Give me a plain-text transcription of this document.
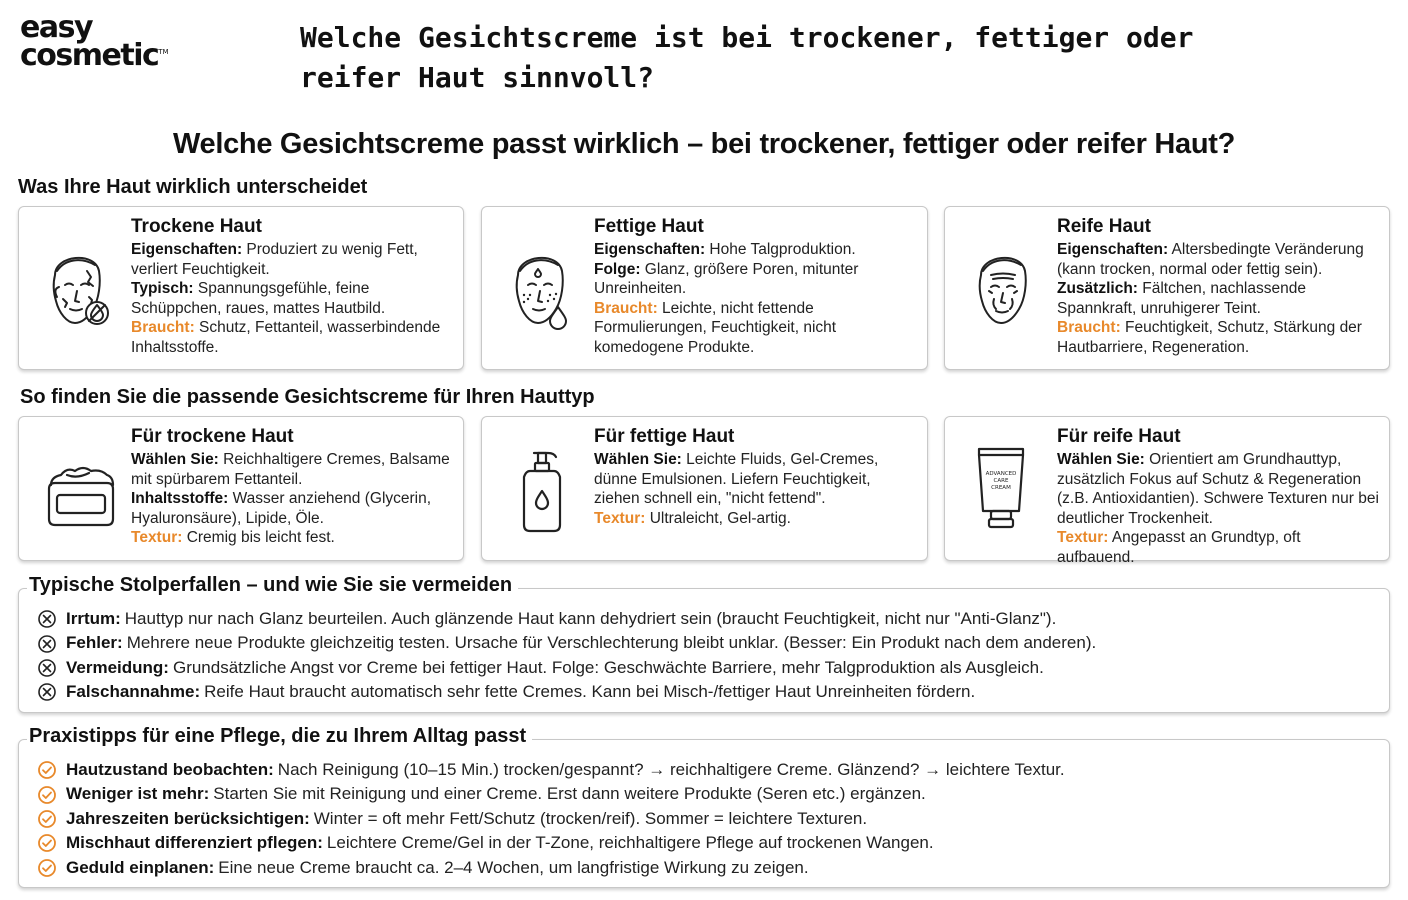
easy
cosmetic™	Welche Gesichtscreme ist bei trockener, fettiger oder reifer Haut sinnvoll?
Welche Gesichtscreme passt wirklich – bei trockener, fettiger oder reifer Haut?
Was Ihre Haut wirklich unterscheidet
Trockene Haut

Eigenschaften: Produziert zu wenig Fett, verliert Feuchtigkeit.

Typisch: Spannungsgefühle, feine Schüppchen, raues, mattes Hautbild.

Braucht: Schutz, Fettanteil, wasserbindende Inhaltsstoffe.

Fettige Haut

Eigenschaften: Hohe Talgproduktion.

Folge: Glanz, größere Poren, mitunter Unreinheiten.

Braucht: Leichte, nicht fettende Formulierungen, Feuchtigkeit, nicht komedogene Produkte.

Reife Haut

Eigenschaften: Altersbedingte Veränderung (kann trocken, normal oder fettig sein).

Zusätzlich: Fältchen, nachlassende Spannkraft, unruhigerer Teint.

Braucht: Feuchtigkeit, Schutz, Stärkung der Hautbarriere, Regeneration.

So finden Sie die passende Gesichtscreme für Ihren Hauttyp
Für trockene Haut

Wählen Sie: Reichhaltigere Cremes, Balsame mit spürbarem Fettanteil.

Inhaltsstoffe: Wasser anziehend (Glycerin, Hyaluronsäure), Lipide, Öle.

Textur: Cremig bis leicht fest.

Für fettige Haut

Wählen Sie: Leichte Fluids, Gel-Cremes, dünne Emulsionen. Liefern Feuchtigkeit, ziehen schnell ein, "nicht fettend".

Textur: Ultraleicht, Gel-artig.

ADVANCED
CARE
CREAM
Für reife Haut

Wählen Sie: Orientiert am Grundhauttyp, zusätzlich Fokus auf Schutz & Regeneration (z.B. Antioxidantien). Schwere Texturen nur bei deutlicher Trockenheit.

Textur: Angepasst an Grundtyp, oft aufbauend.

Typische Stolperfallen – und wie Sie sie vermeiden
Irrtum: Hauttyp nur nach Glanz beurteilen. Auch glänzende Haut kann dehydriert sein (braucht Feuchtigkeit, nicht nur "Anti-Glanz").
Fehler: Mehrere neue Produkte gleichzeitig testen. Ursache für Verschlechterung bleibt unklar. (Besser: Ein Produkt nach dem anderen).
Vermeidung: Grundsätzliche Angst vor Creme bei fettiger Haut. Folge: Geschwächte Barriere, mehr Talgproduktion als Ausgleich.
Falschannahme: Reife Haut braucht automatisch sehr fette Cremes. Kann bei Misch-/fettiger Haut Unreinheiten fördern.
Praxistipps für eine Pflege, die zu Ihrem Alltag passt
Hautzustand beobachten: Nach Reinigung (10–15 Min.) trocken/gespannt? → reichhaltigere Creme. Glänzend? → leichtere Textur.
Weniger ist mehr: Starten Sie mit Reinigung und einer Creme. Erst dann weitere Produkte (Seren etc.) ergänzen.
Jahreszeiten berücksichtigen: Winter = oft mehr Fett/Schutz (trocken/reif). Sommer = leichtere Texturen.
Mischhaut differenziert pflegen: Leichtere Creme/Gel in der T-Zone, reichhaltigere Pflege auf trockenen Wangen.
Geduld einplanen: Eine neue Creme braucht ca. 2–4 Wochen, um langfristige Wirkung zu zeigen.
